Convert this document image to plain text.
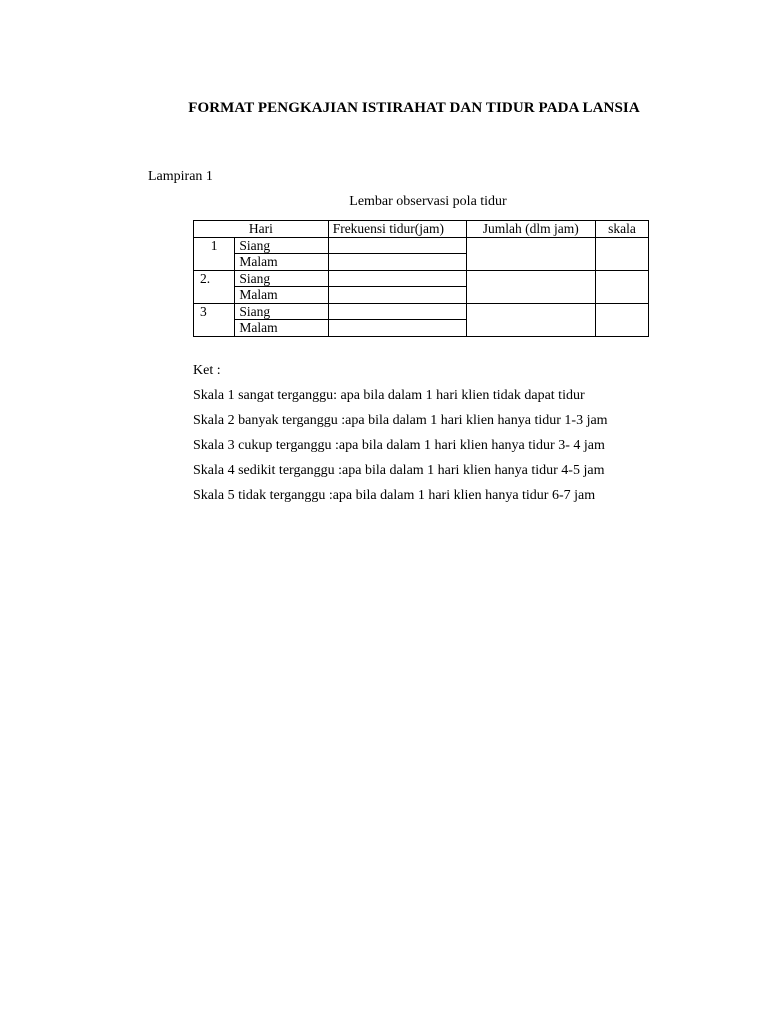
FORMAT PENGKAJIAN ISTIRAHAT DAN TIDUR PADA LANSIA
Lampiran 1
Lembar observasi pola tidur
Hari		Frekuensi tidur(jam)	Jumlah (dlm jam)	skala
1	Siang			
	Malam			
2.	Siang			
	Malam			
3	Siang			
	Malam			
Ket :
Skala 1 sangat terganggu: apa bila dalam 1 hari klien tidak dapat tidur
Skala 2 banyak terganggu :apa bila dalam 1 hari klien hanya tidur 1-3 jam
Skala 3 cukup terganggu :apa bila dalam 1 hari klien hanya tidur 3- 4 jam
Skala 4 sedikit terganggu :apa bila dalam 1 hari klien hanya tidur 4-5 jam
Skala 5 tidak terganggu :apa bila dalam 1 hari klien hanya tidur 6-7 jam
